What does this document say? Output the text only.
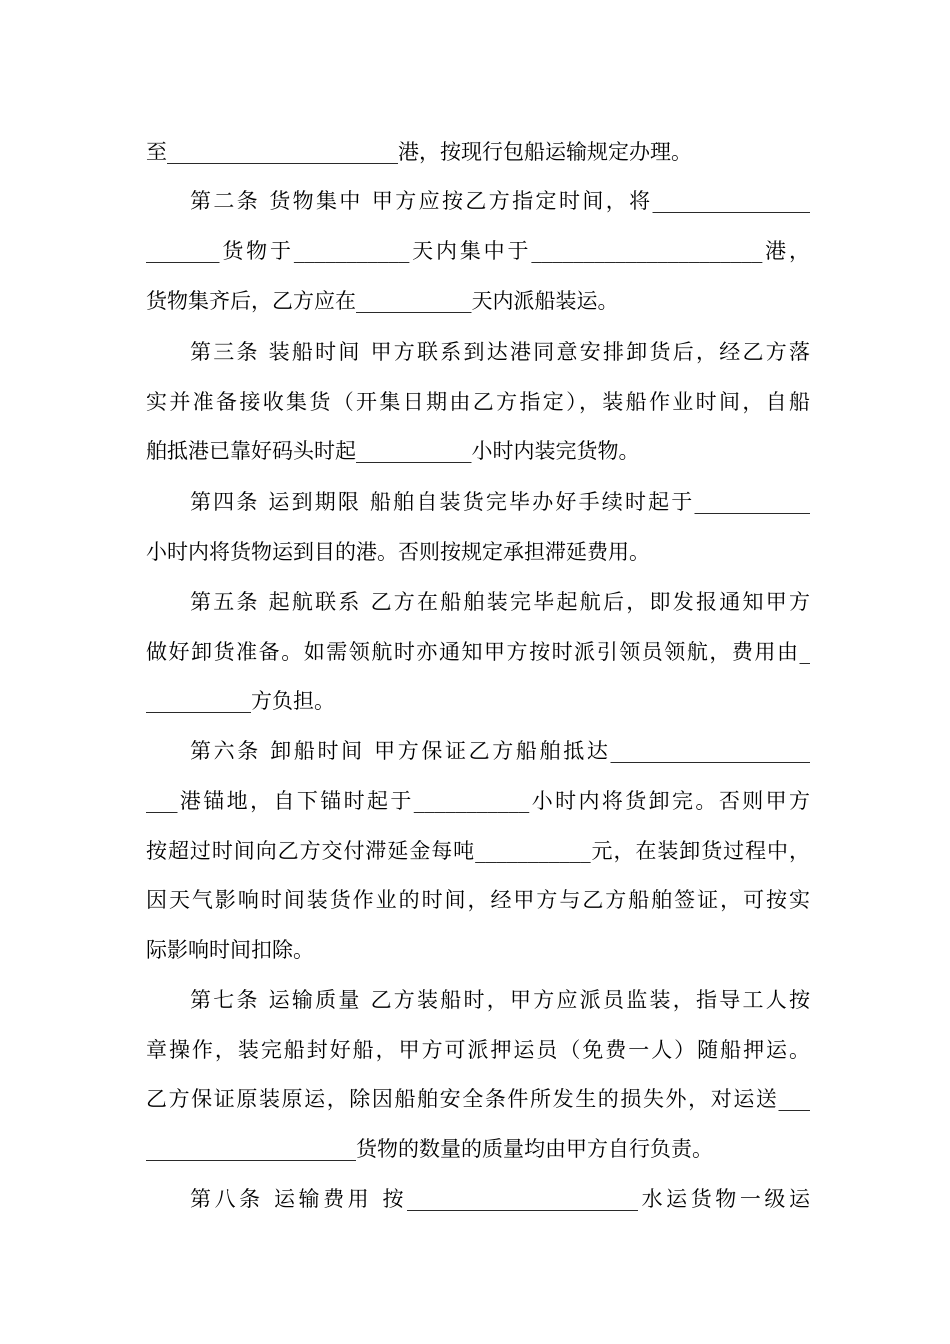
至______________________港，按现行包船运输规定办理。
第二条 货物集中 甲方应按乙方指定时间，将_______________
_______货物于___________天内集中于______________________港，
货物集齐后，乙方应在___________天内派船装运。
第三条 装船时间 甲方联系到达港同意安排卸货后，经乙方落
实并准备接收集货（开集日期由乙方指定），装船作业时间，自船
舶抵港已靠好码头时起___________小时内装完货物。
第四条 运到期限 船舶自装货完毕办好手续时起于___________
小时内将货物运到目的港。否则按规定承担滞延费用。
第五条 起航联系 乙方在船舶装完毕起航后，即发报通知甲方
做好卸货准备。如需领航时亦通知甲方按时派引领员领航，费用由_
__________方负担。
第六条 卸船时间 甲方保证乙方船舶抵达___________________
___港锚地，自下锚时起于___________小时内将货卸完。否则甲方
按超过时间向乙方交付滞延金每吨___________元，在装卸货过程中，
因天气影响时间装货作业的时间，经甲方与乙方船舶签证，可按实
际影响时间扣除。
第七条 运输质量 乙方装船时，甲方应派员监装，指导工人按
章操作，装完船封好船，甲方可派押运员（免费一人）随船押运。
乙方保证原装原运，除因船舶安全条件所发生的损失外，对运送___
____________________货物的数量的质量均由甲方自行负责。
第八条 运输费用 按______________________水运货物一级运
